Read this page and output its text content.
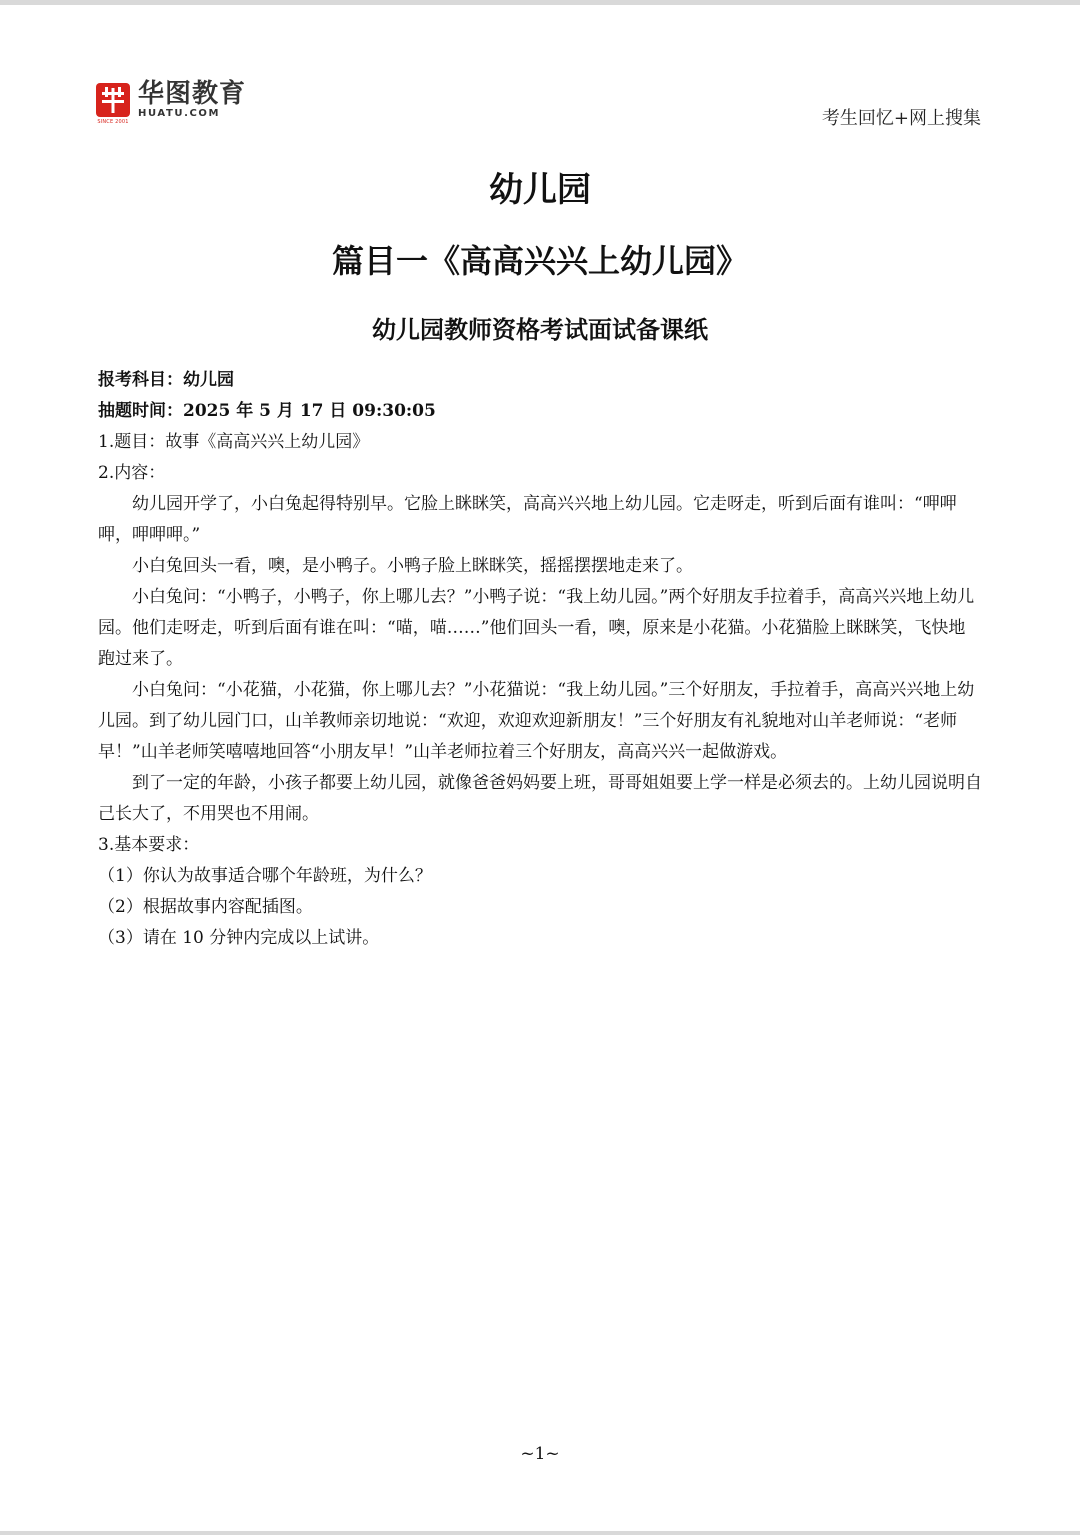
SINCE 2001
华图教育
HUATU.COM	考生回忆+网上搜集
幼儿园
篇目一《高高兴兴上幼儿园》
幼儿园教师资格考试面试备课纸

报考科目：幼儿园

抽题时间：2025 年 5 月 17 日 09:30:05

1.题目：故事《高高兴兴上幼儿园》

2.内容：

幼儿园开学了，小白兔起得特别早。它脸上眯眯笑，高高兴兴地上幼儿园。它走呀走，听到后面有谁叫：“呷呷呷，呷呷呷。”

小白兔回头一看，噢，是小鸭子。小鸭子脸上眯眯笑，摇摇摆摆地走来了。

小白兔问：“小鸭子，小鸭子，你上哪儿去？”小鸭子说：“我上幼儿园。”两个好朋友手拉着手，高高兴兴地上幼儿园。他们走呀走，听到后面有谁在叫：“喵，喵……”他们回头一看，噢，原来是小花猫。小花猫脸上眯眯笑，飞快地跑过来了。

小白兔问：“小花猫，小花猫，你上哪儿去？”小花猫说：“我上幼儿园。”三个好朋友，手拉着手，高高兴兴地上幼儿园。到了幼儿园门口，山羊教师亲切地说：“欢迎，欢迎欢迎新朋友！”三个好朋友有礼貌地对山羊老师说：“老师早！”山羊老师笑嘻嘻地回答“小朋友早！”山羊老师拉着三个好朋友，高高兴兴一起做游戏。

到了一定的年龄，小孩子都要上幼儿园，就像爸爸妈妈要上班，哥哥姐姐要上学一样是必须去的。上幼儿园说明自己长大了，不用哭也不用闹。

3.基本要求：

（1）你认为故事适合哪个年龄班，为什么？

（2）根据故事内容配插图。

（3）请在 10 分钟内完成以上试讲。

~1~
